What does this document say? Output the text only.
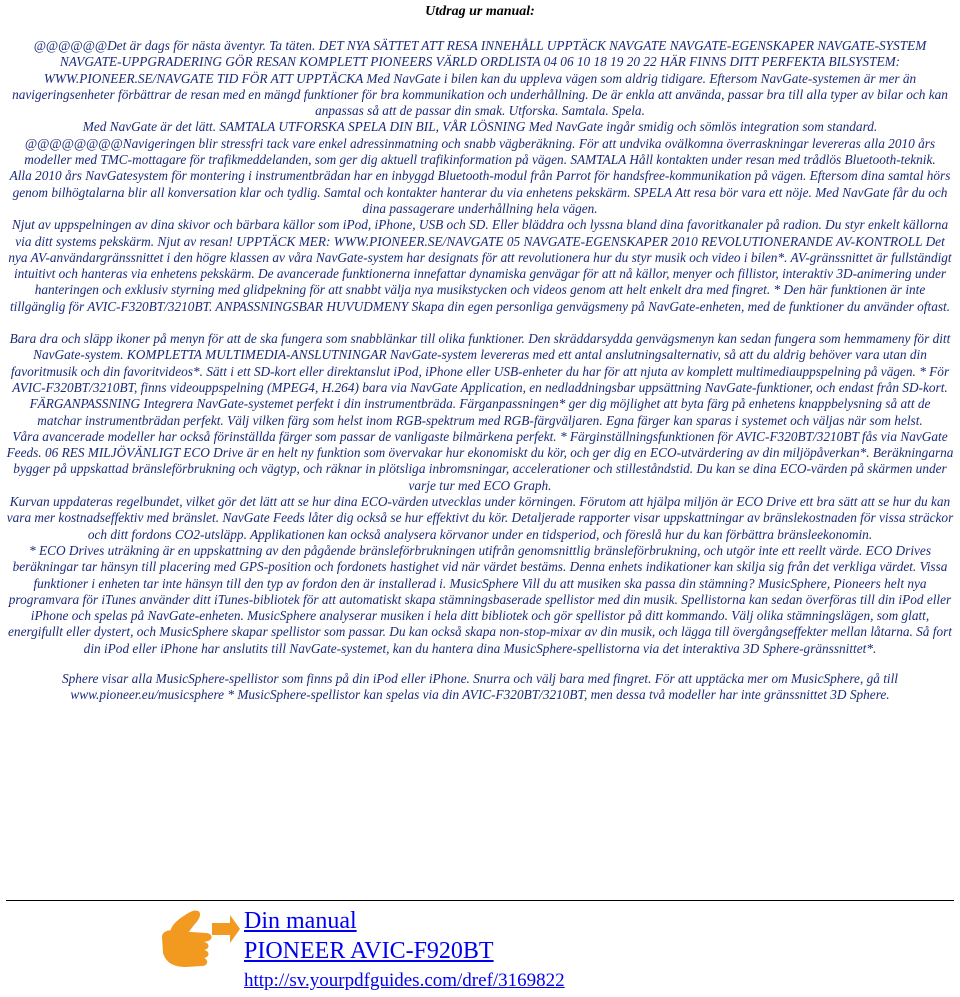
Utdrag ur manual:

@@@@@@Det är dags för nästa äventyr. Ta täten. DET NYA SÄTTET ATT RESA INNEHÅLL UPPTÄCK NAVGATE NAVGATE-EGENSKAPER NAVGATE-SYSTEM NAVGATE-UPPGRADERING GÖR RESAN KOMPLETT PIONEERS VÄRLD ORDLISTA 04 06 10 18 19 20 22 HÄR FINNS DITT PERFEKTA BILSYSTEM: WWW.PIONEER.SE/NAVGATE TID FÖR ATT UPPTÄCKA Med NavGate i bilen kan du uppleva vägen som aldrig tidigare. Eftersom NavGate-systemen är mer än navigeringsenheter förbättrar de resan med en mängd funktioner för bra kommunikation och underhållning. De är enkla att använda, passar bra till alla typer av bilar och kan anpassas så att de passar din smak. Utforska. Samtala. Spela.

Med NavGate är det lätt. SAMTALA UTFORSKA SPELA DIN BIL, VÅR LÖSNING Med NavGate ingår smidig och sömlös integration som standard. @@@@@@@@Navigeringen blir stressfri tack vare enkel adressinmatning och snabb vägberäkning. För att undvika ovälkomna överraskningar levereras alla 2010 års modeller med TMC-mottagare för trafikmeddelanden, som ger dig aktuell trafikinformation på vägen. SAMTALA Håll kontakten under resan med trådlös Bluetooth-teknik.

Alla 2010 års NavGatesystem för montering i instrumentbrädan har en inbyggd Bluetooth-modul från Parrot för handsfree-kommunikation på vägen. Eftersom dina samtal hörs genom bilhögtalarna blir all konversation klar och tydlig. Samtal och kontakter hanterar du via enhetens pekskärm. SPELA Att resa bör vara ett nöje. Med NavGate får du och dina passagerare underhållning hela vägen.

Njut av uppspelningen av dina skivor och bärbara källor som iPod, iPhone, USB och SD. Eller bläddra och lyssna bland dina favoritkanaler på radion. Du styr enkelt källorna via ditt systems pekskärm. Njut av resan! UPPTÄCK MER: WWW.PIONEER.SE/NAVGATE 05 NAVGATE-EGENSKAPER 2010 REVOLUTIONERANDE AV-KONTROLL Det nya AV-användargränssnittet i den högre klassen av våra NavGate-system har designats för att revolutionera hur du styr musik och video i bilen*. AV-gränssnittet är fullständigt intuitivt och hanteras via enhetens pekskärm. De avancerade funktionerna innefattar dynamiska genvägar för att nå källor, menyer och fillistor, interaktiv 3D-animering under hanteringen och exklusiv styrning med glidpekning för att snabbt välja nya musikstycken och videos genom att helt enkelt dra med fingret. * Den här funktionen är inte tillgänglig för AVIC-F320BT/3210BT. ANPASSNINGSBAR HUVUDMENY Skapa din egen personliga genvägsmeny på NavGate-enheten, med de funktioner du använder oftast.

Bara dra och släpp ikoner på menyn för att de ska fungera som snabblänkar till olika funktioner. Den skräddarsydda genvägsmenyn kan sedan fungera som hemmameny för ditt NavGate-system. KOMPLETTA MULTIMEDIA-ANSLUTNINGAR NavGate-system levereras med ett antal anslutningsalternativ, så att du aldrig behöver vara utan din favoritmusik och din favoritvideos*. Sätt i ett SD-kort eller direktanslut iPod, iPhone eller USB-enheter du har för att njuta av komplett multimediauppspelning på vägen. * För AVIC-F320BT/3210BT, finns videouppspelning (MPEG4, H.264) bara via NavGate Application, en nedladdningsbar uppsättning NavGate-funktioner, och endast från SD-kort. FÄRGANPASSNING Integrera NavGate-systemet perfekt i din instrumentbräda. Färganpassningen* ger dig möjlighet att byta färg på enhetens knappbelysning så att de matchar instrumentbrädan perfekt. Välj vilken färg som helst inom RGB-spektrum med RGB-färgväljaren. Egna färger kan sparas i systemet och väljas när som helst.

Våra avancerade modeller har också förinställda färger som passar de vanligaste bilmärkena perfekt. * Färginställningsfunktionen för AVIC-F320BT/3210BT fås via NavGate Feeds. 06 RES MILJÖVÄNLIGT ECO Drive är en helt ny funktion som övervakar hur ekonomiskt du kör, och ger dig en ECO-utvärdering av din miljöpåverkan*. Beräkningarna bygger på uppskattad bränsleförbrukning och vägtyp, och räknar in plötsliga inbromsningar, accelerationer och stilleståndstid. Du kan se dina ECO-värden på skärmen under varje tur med ECO Graph.

Kurvan uppdateras regelbundet, vilket gör det lätt att se hur dina ECO-värden utvecklas under körningen. Förutom att hjälpa miljön är ECO Drive ett bra sätt att se hur du kan vara mer kostnadseffektiv med bränslet. NavGate Feeds låter dig också se hur effektivt du kör. Detaljerade rapporter visar uppskattningar av bränslekostnaden för vissa sträckor och ditt fordons CO2-utsläpp. Applikationen kan också analysera körvanor under en tidsperiod, och föreslå hur du kan förbättra bränsleekonomin.

* ECO Drives uträkning är en uppskattning av den pågående bränsleförbrukningen utifrån genomsnittlig bränsleförbrukning, och utgör inte ett reellt värde. ECO Drives beräkningar tar hänsyn till placering med GPS-position och fordonets hastighet vid när värdet bestäms. Denna enhets indikationer kan skilja sig från det verkliga värdet. Vissa funktioner i enheten tar inte hänsyn till den typ av fordon den är installerad i. MusicSphere Vill du att musiken ska passa din stämning? MusicSphere, Pioneers helt nya programvara för iTunes använder ditt iTunes-bibliotek för att automatiskt skapa stämningsbaserade spellistor med din musik. Spellistorna kan sedan överföras till din iPod eller iPhone och spelas på NavGate-enheten. MusicSphere analyserar musiken i hela ditt bibliotek och gör spellistor på ditt kommando. Välj olika stämningslägen, som glatt, energifullt eller dystert, och MusicSphere skapar spellistor som passar. Du kan också skapa non-stop-mixar av din musik, och lägga till övergångseffekter mellan låtarna. Så fort din iPod eller iPhone har anslutits till NavGate-systemet, kan du hantera dina MusicSphere-spellistorna via det interaktiva 3D Sphere-gränssnittet*.

Sphere visar alla MusicSphere-spellistor som finns på din iPod eller iPhone. Snurra och välj bara med fingret. För att upptäcka mer om MusicSphere, gå till www.pioneer.eu/musicsphere * MusicSphere-spellistor kan spelas via din AVIC-F320BT/3210BT, men dessa två modeller har inte gränssnittet 3D Sphere.

Din manual
PIONEER AVIC-F920BT
http://sv.yourpdfguides.com/dref/3169822
